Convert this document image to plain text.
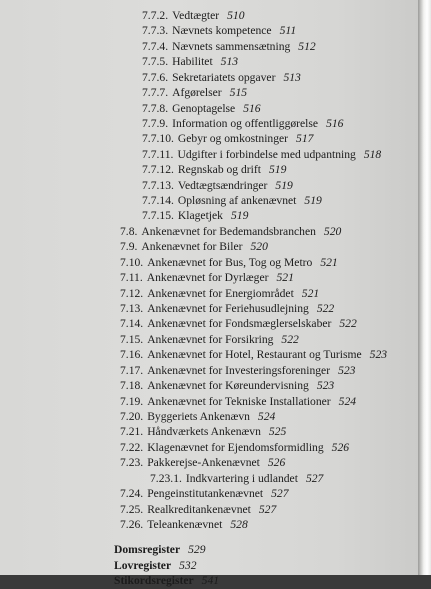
7.7.2. Vedtægter 510
7.7.3. Nævnets kompetence 511
7.7.4. Nævnets sammensætning 512
7.7.5. Habilitet 513
7.7.6. Sekretariatets opgaver 513
7.7.7. Afgørelser 515
7.7.8. Genoptagelse 516
7.7.9. Information og offentliggørelse 516
7.7.10. Gebyr og omkostninger 517
7.7.11. Udgifter i forbindelse med udpantning 518
7.7.12. Regnskab og drift 519
7.7.13. Vedtægtsændringer 519
7.7.14. Opløsning af ankenævnet 519
7.7.15. Klagetjek 519
7.8. Ankenævnet for Bedemandsbranchen 520
7.9. Ankenævnet for Biler 520
7.10. Ankenævnet for Bus, Tog og Metro 521
7.11. Ankenævnet for Dyrlæger 521
7.12. Ankenævnet for Energiområdet 521
7.13. Ankenævnet for Feriehusudlejning 522
7.14. Ankenævnet for Fondsmæglerselskaber 522
7.15. Ankenævnet for Forsikring 522
7.16. Ankenævnet for Hotel, Restaurant og Turisme 523
7.17. Ankenævnet for Investeringsforeninger 523
7.18. Ankenævnet for Køreundervisning 523
7.19. Ankenævnet for Tekniske Installationer 524
7.20. Byggeriets Ankenævn 524
7.21. Håndværkets Ankenævn 525
7.22. Klagenævnet for Ejendomsformidling 526
7.23. Pakkerejse-Ankenævnet 526
7.23.1. Indkvartering i udlandet 527
7.24. Pengeinstitutankenævnet 527
7.25. Realkreditankenævnet 527
7.26. Teleankenævnet 528
Domsregister 529
Lovregister 532
Stikordsregister 541
